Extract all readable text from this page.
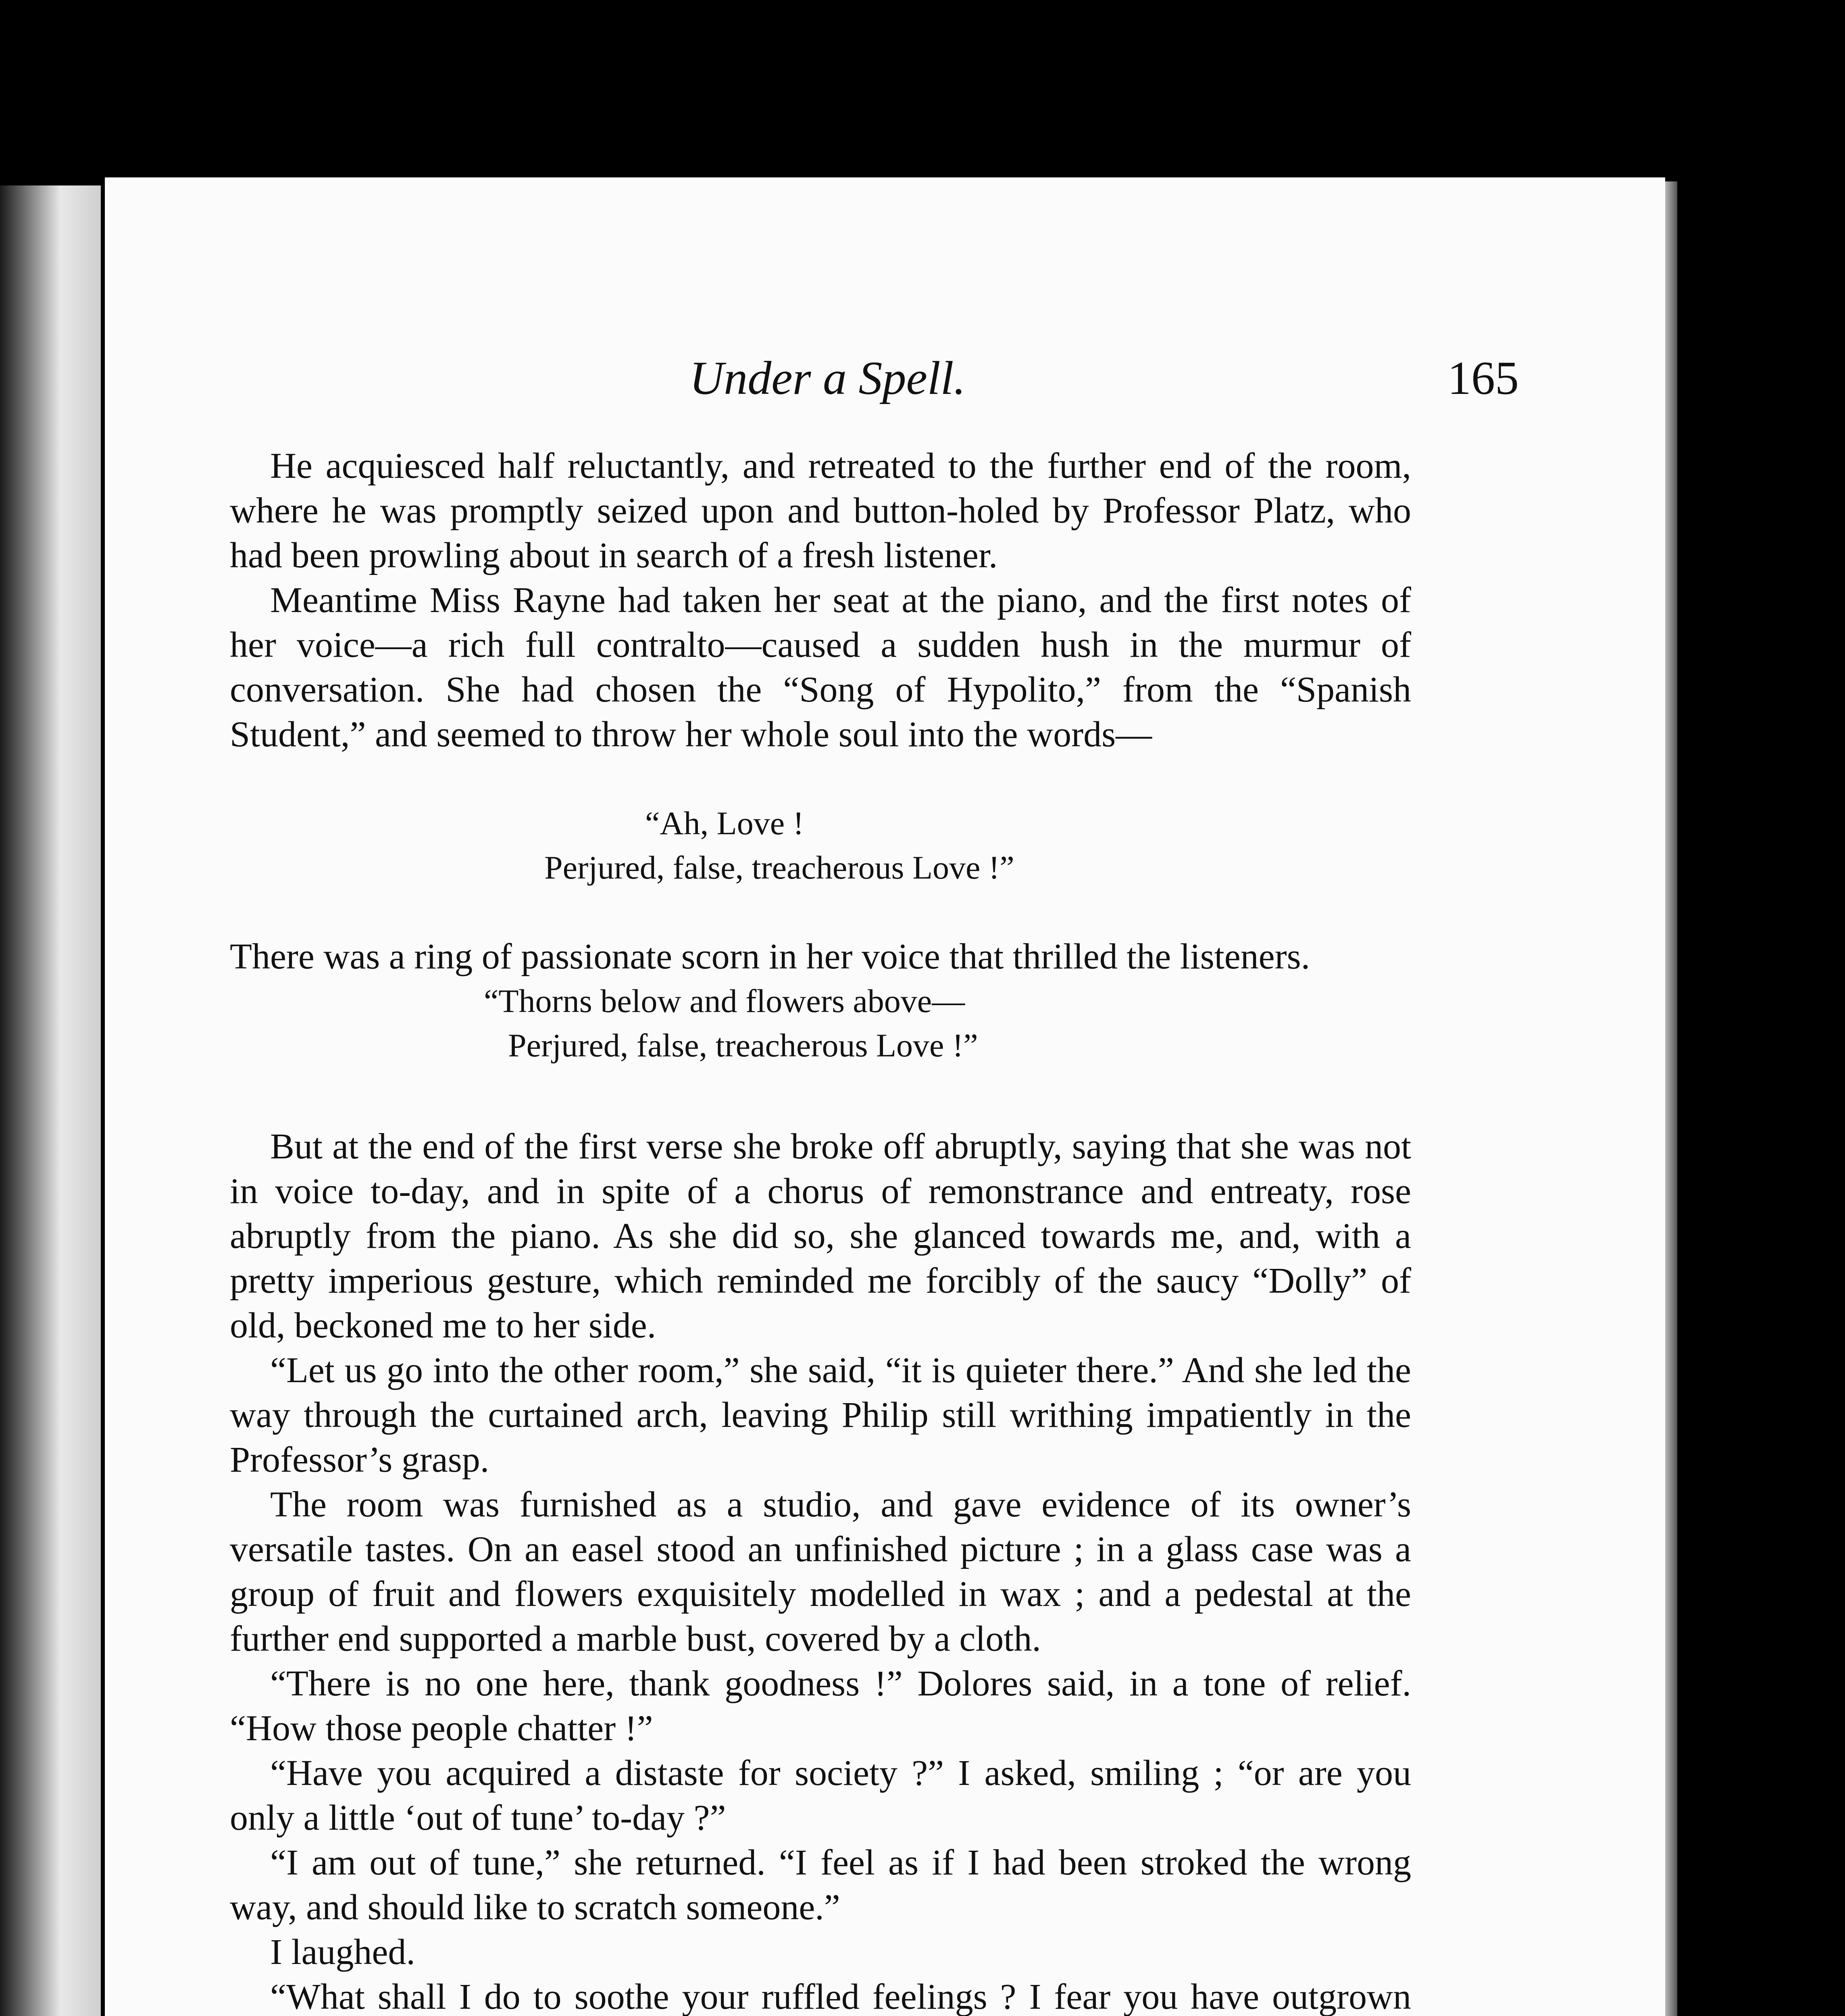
Under a Spell.	165

He acquiesced half reluctantly, and retreated to the further end of the room, where he was promptly seized upon and button-holed by Professor Platz, who had been prowling about in search of a fresh listener.

Meantime Miss Rayne had taken her seat at the piano, and the first notes of her voice—a rich full contralto—caused a sudden hush in the murmur of conversation. She had chosen the “Song of Hypolito,” from the “Spanish Student,” and seemed to throw her whole soul into the words—

“Ah, Love !
Perjured, false, treacherous Love !”

There was a ring of passionate scorn in her voice that thrilled the listeners.

“Thorns below and flowers above—
Perjured, false, treacherous Love !”

But at the end of the first verse she broke off abruptly, saying that she was not in voice to-day, and in spite of a chorus of remonstrance and entreaty, rose abruptly from the piano. As she did so, she glanced towards me, and, with a pretty imperious gesture, which reminded me forcibly of the saucy “Dolly” of old, beckoned me to her side.

“Let us go into the other room,” she said, “it is quieter there.” And she led the way through the curtained arch, leaving Philip still writhing impatiently in the Professor’s grasp.

The room was furnished as a studio, and gave evidence of its owner’s versatile tastes. On an easel stood an unfinished picture ; in a glass case was a group of fruit and flowers exquisitely modelled in wax ; and a pedestal at the further end supported a marble bust, covered by a cloth.

“There is no one here, thank goodness !” Dolores said, in a tone of relief. “How those people chatter !”

“Have you acquired a distaste for society ?” I asked, smiling ; “or are you only a little ‘out of tune’ to-day ?”

“I am out of tune,” she returned. “I feel as if I had been stroked the wrong way, and should like to scratch someone.”

I laughed.

“What shall I do to soothe your ruffled feelings ? I fear you have outgrown
